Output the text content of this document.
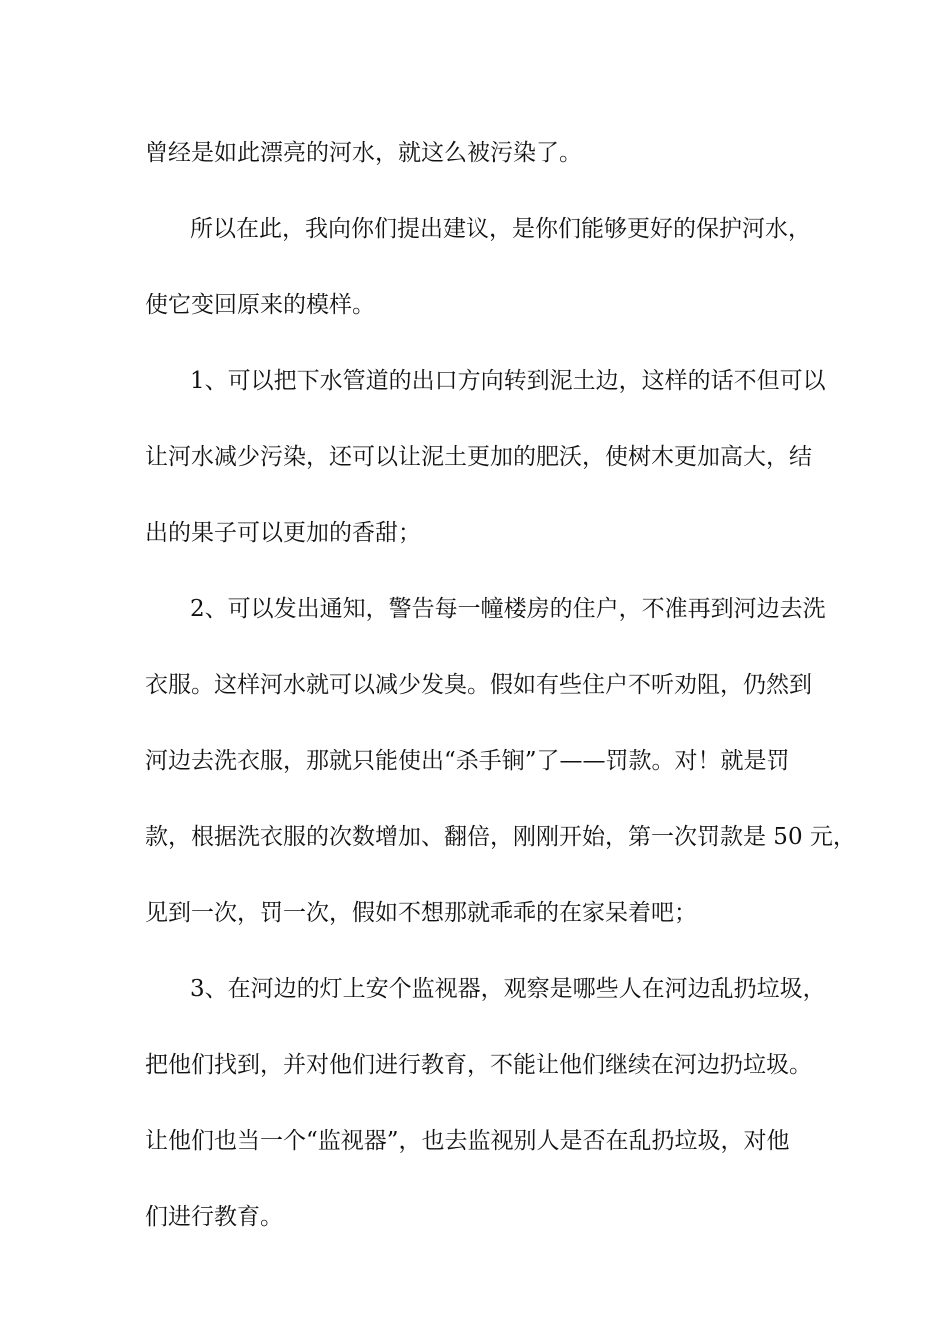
曾经是如此漂亮的河水，就这么被污染了。
所以在此，我向你们提出建议，是你们能够更好的保护河水，
使它变回原来的模样。
1、可以把下水管道的出口方向转到泥土边，这样的话不但可以
让河水减少污染，还可以让泥土更加的肥沃，使树木更加高大，结
出的果子可以更加的香甜；
2、可以发出通知，警告每一幢楼房的住户，不准再到河边去洗
衣服。这样河水就可以减少发臭。假如有些住户不听劝阻，仍然到
河边去洗衣服，那就只能使出“杀手锏”了——罚款。对！就是罚
款，根据洗衣服的次数增加、翻倍，刚刚开始，第一次罚款是 50 元，
见到一次，罚一次，假如不想那就乖乖的在家呆着吧；
3、在河边的灯上安个监视器，观察是哪些人在河边乱扔垃圾，
把他们找到，并对他们进行教育，不能让他们继续在河边扔垃圾。
让他们也当一个“监视器”，也去监视别人是否在乱扔垃圾，对他
们进行教育。
